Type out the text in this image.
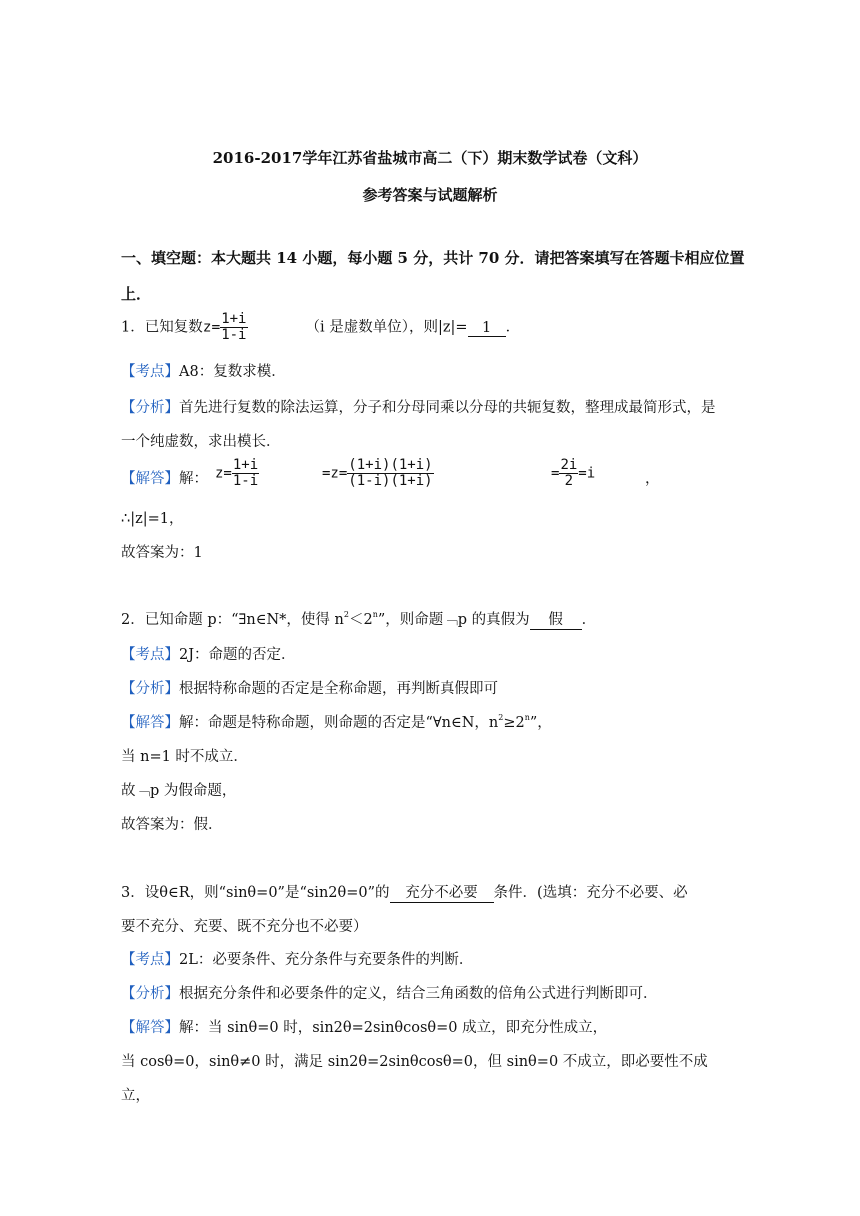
2016-2017学年江苏省盐城市高二（下）期末数学试卷（文科）
参考答案与试题解析
一、填空题：本大题共 14 小题，每小题 5 分，共计 70 分．请把答案填写在答题卡相应位置
上．
1．已知复数$z= \frac{1+i}{1-i}$	（i 是虚数单位），则|z|= 1 ．
【考点】A8：复数求模．
【分析】首先进行复数的除法运算，分子和分母同乘以分母的共轭复数，整理成最简形式，是
一个纯虚数，求出模长．
【解答】解： $z= \frac{1+i}{1-i}$	$=z= \frac{(1+i)(1+i)}{(1-i)(1+i)}$	= $\frac{2i}{2} =i$	，
∴|z|=1，
故答案为：1
2．已知命题 p：“∃n∈N*，使得 $n^2<2^n$”，则命题﹁p 的真假为 假 ．
【考点】2J：命题的否定．
【分析】根据特称命题的否定是全称命题，再判断真假即可
【解答】解：命题是特称命题，则命题的否定是“∀n∈N，$n^2\ge 2^n$”，
当 n=1 时不成立．
故﹁p 为假命题，
故答案为：假．
3．设θ∈R，则“sinθ=0”是“sin2θ=0”的 充分不必要 条件．(选填：充分不必要、必
要不充分、充要、既不充分也不必要）
【考点】2L：必要条件、充分条件与充要条件的判断．
【分析】根据充分条件和必要条件的定义，结合三角函数的倍角公式进行判断即可．
【解答】解：当 sinθ=0 时，sin2θ=2sinθcosθ=0 成立，即充分性成立，
当 cosθ=0，sinθ≠0 时，满足 sin2θ=2sinθcosθ=0，但 sinθ=0 不成立，即必要性不成
立，
